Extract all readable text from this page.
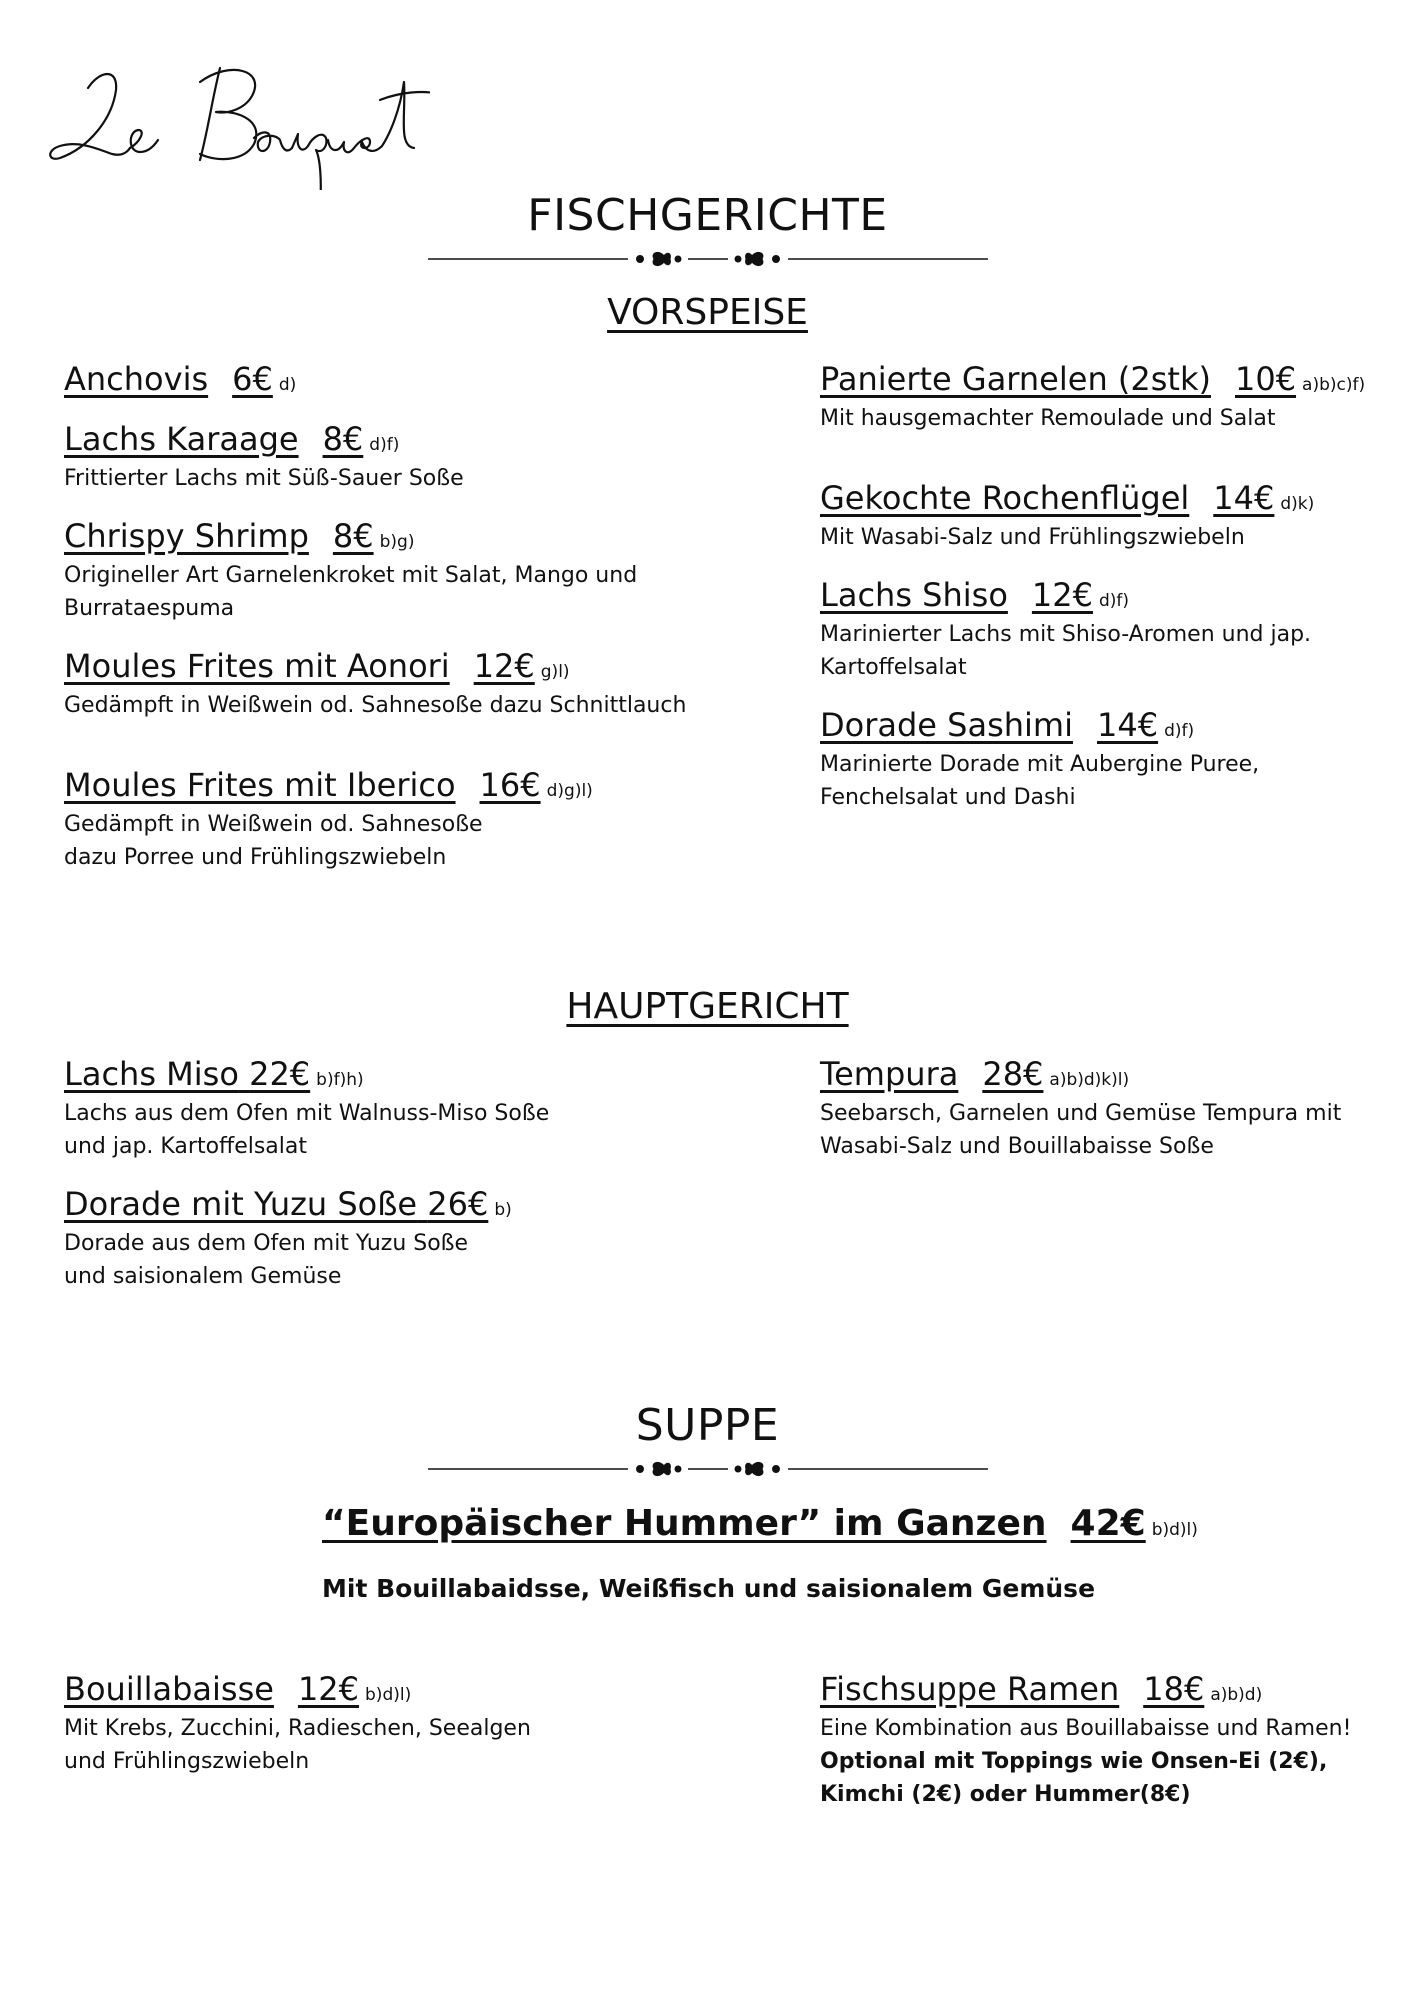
FISCHGERICHTE
VORSPEISE
Anchovis 6€ d)
Lachs Karaage 8€ d)f)
Frittierter Lachs mit Süß-Sauer Soße
Chrispy Shrimp 8€ b)g)
Origineller Art Garnelenkroket mit Salat, Mango und
Burrataespuma
Moules Frites mit Aonori 12€ g)l)
Gedämpft in Weißwein od. Sahnesoße dazu Schnittlauch
Moules Frites mit Iberico 16€ d)g)l)
Gedämpft in Weißwein od. Sahnesoße
dazu Porree und Frühlingszwiebeln
Panierte Garnelen (2stk) 10€ a)b)c)f)
Mit hausgemachter Remoulade und Salat
Gekochte Rochenflügel 14€ d)k)
Mit Wasabi-Salz und Frühlingszwiebeln
Lachs Shiso 12€ d)f)
Marinierter Lachs mit Shiso-Aromen und jap.
Kartoffelsalat
Dorade Sashimi 14€ d)f)
Marinierte Dorade mit Aubergine Puree,
Fenchelsalat und Dashi
HAUPTGERICHT
Lachs Miso 22€ b)f)h)
Lachs aus dem Ofen mit Walnuss-Miso Soße
und jap. Kartoffelsalat
Dorade mit Yuzu Soße 26€ b)
Dorade aus dem Ofen mit Yuzu Soße
und saisionalem Gemüse
Tempura 28€ a)b)d)k)l)
Seebarsch, Garnelen und Gemüse Tempura mit
Wasabi-Salz und Bouillabaisse Soße
SUPPE
“Europäischer Hummer” im Ganzen 42€ b)d)l)
Mit Bouillabaidsse, Weißfisch und saisionalem Gemüse
Bouillabaisse 12€ b)d)l)
Mit Krebs, Zucchini, Radieschen, Seealgen
und Frühlingszwiebeln
Fischsuppe Ramen 18€ a)b)d)
Eine Kombination aus Bouillabaisse und Ramen!
Optional mit Toppings wie Onsen-Ei (2€),
Kimchi (2€) oder Hummer(8€)
